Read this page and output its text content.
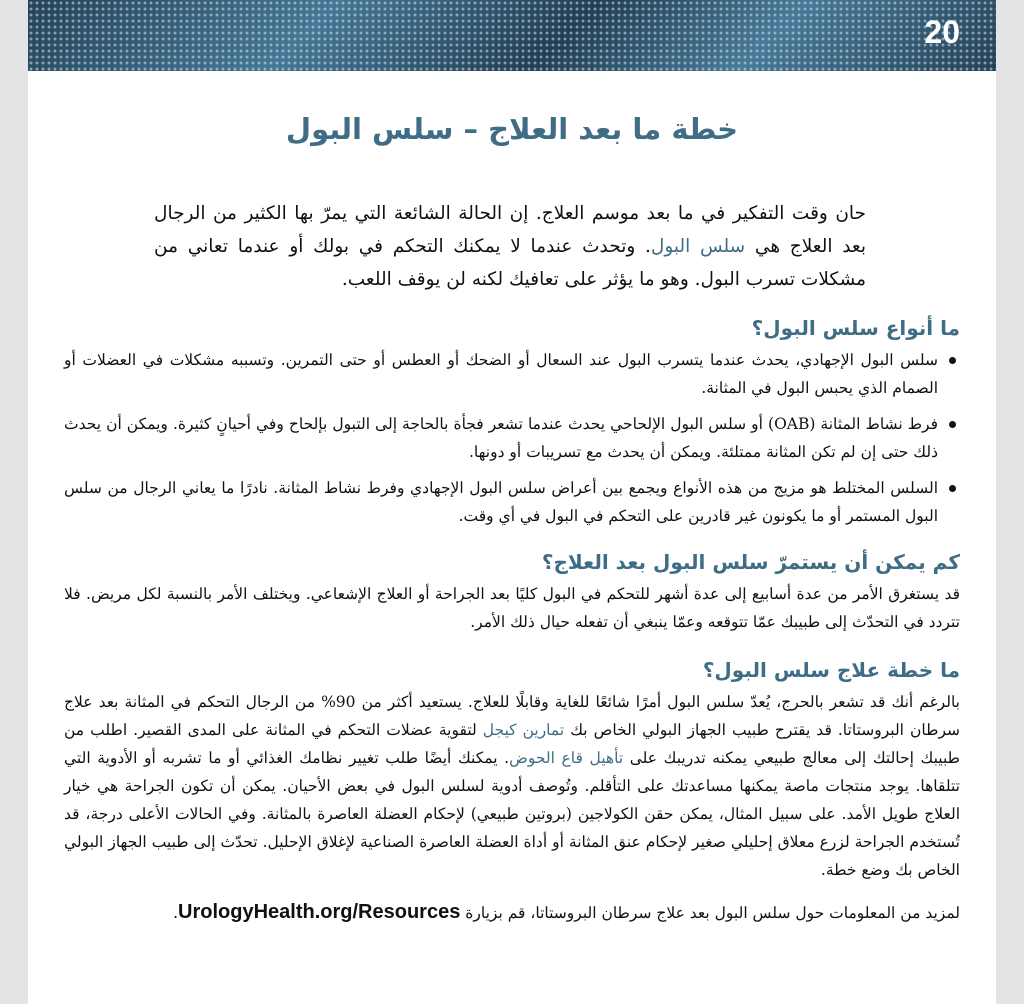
20
خطة ما بعد العلاج – سلس البول

حان وقت التفكير في ما بعد موسم العلاج. إن الحالة الشائعة التي يمرّ بها الكثير من الرجال بعد العلاج هي سلس البول. وتحدث عندما لا يمكنك التحكم في بولك أو عندما تعاني من مشكلات تسرب البول. وهو ما يؤثر على تعافيك لكنه لن يوقف اللعب.

ما أنواع سلس البول؟
سلس البول الإجهادي، يحدث عندما يتسرب البول عند السعال أو الضحك أو العطس أو حتى التمرين. وتسببه مشكلات في العضلات أو الصمام الذي يحبس البول في المثانة.
فرط نشاط المثانة (OAB) أو سلس البول الإلحاحي يحدث عندما تشعر فجأة بالحاجة إلى التبول بإلحاح وفي أحيانٍ كثيرة. ويمكن أن يحدث ذلك حتى إن لم تكن المثانة ممتلئة. ويمكن أن يحدث مع تسريبات أو دونها.
السلس المختلط هو مزيج من هذه الأنواع ويجمع بين أعراض سلس البول الإجهادي وفرط نشاط المثانة. نادرًا ما يعاني الرجال من سلس البول المستمر أو ما يكونون غير قادرين على التحكم في البول في أي وقت.
كم يمكن أن يستمرّ سلس البول بعد العلاج؟

قد يستغرق الأمر من عدة أسابيع إلى عدة أشهر للتحكم في البول كليًا بعد الجراحة أو العلاج الإشعاعي. ويختلف الأمر بالنسبة لكل مريض. فلا تتردد في التحدّث إلى طبيبك عمّا تتوقعه وعمّا ينبغي أن تفعله حيال ذلك الأمر.

ما خطة علاج سلس البول؟

بالرغم أنك قد تشعر بالحرج، يُعدّ سلس البول أمرًا شائعًا للغاية وقابلًا للعلاج. يستعيد أكثر من 90% من الرجال التحكم في المثانة بعد علاج سرطان البروستاتا. قد يقترح طبيب الجهاز البولي الخاص بك تمارين كيجل لتقوية عضلات التحكم في المثانة على المدى القصير. اطلب من طبيبك إحالتك إلى معالج طبيعي يمكنه تدريبك على تأهيل قاع الحوض. يمكنك أيضًا طلب تغيير نظامك الغذائي أو ما تشربه أو الأدوية التي تتلقاها. يوجد منتجات ماصة يمكنها مساعدتك على التأقلم. وتُوصف أدوية لسلس البول في بعض الأحيان. يمكن أن تكون الجراحة هي خيار العلاج طويل الأمد. على سبيل المثال، يمكن حقن الكولاجين (بروتين طبيعي) لإحكام العضلة العاصرة بالمثانة. وفي الحالات الأعلى درجة، قد تُستخدم الجراحة لزرع معلاق إحليلي صغير لإحكام عنق المثانة أو أداة العضلة العاصرة الصناعية لإغلاق الإحليل. تحدّث إلى طبيب الجهاز البولي الخاص بك وضع خطة.

لمزيد من المعلومات حول سلس البول بعد علاج سرطان البروستاتا، قم بزيارة UrologyHealth.org/Resources.
